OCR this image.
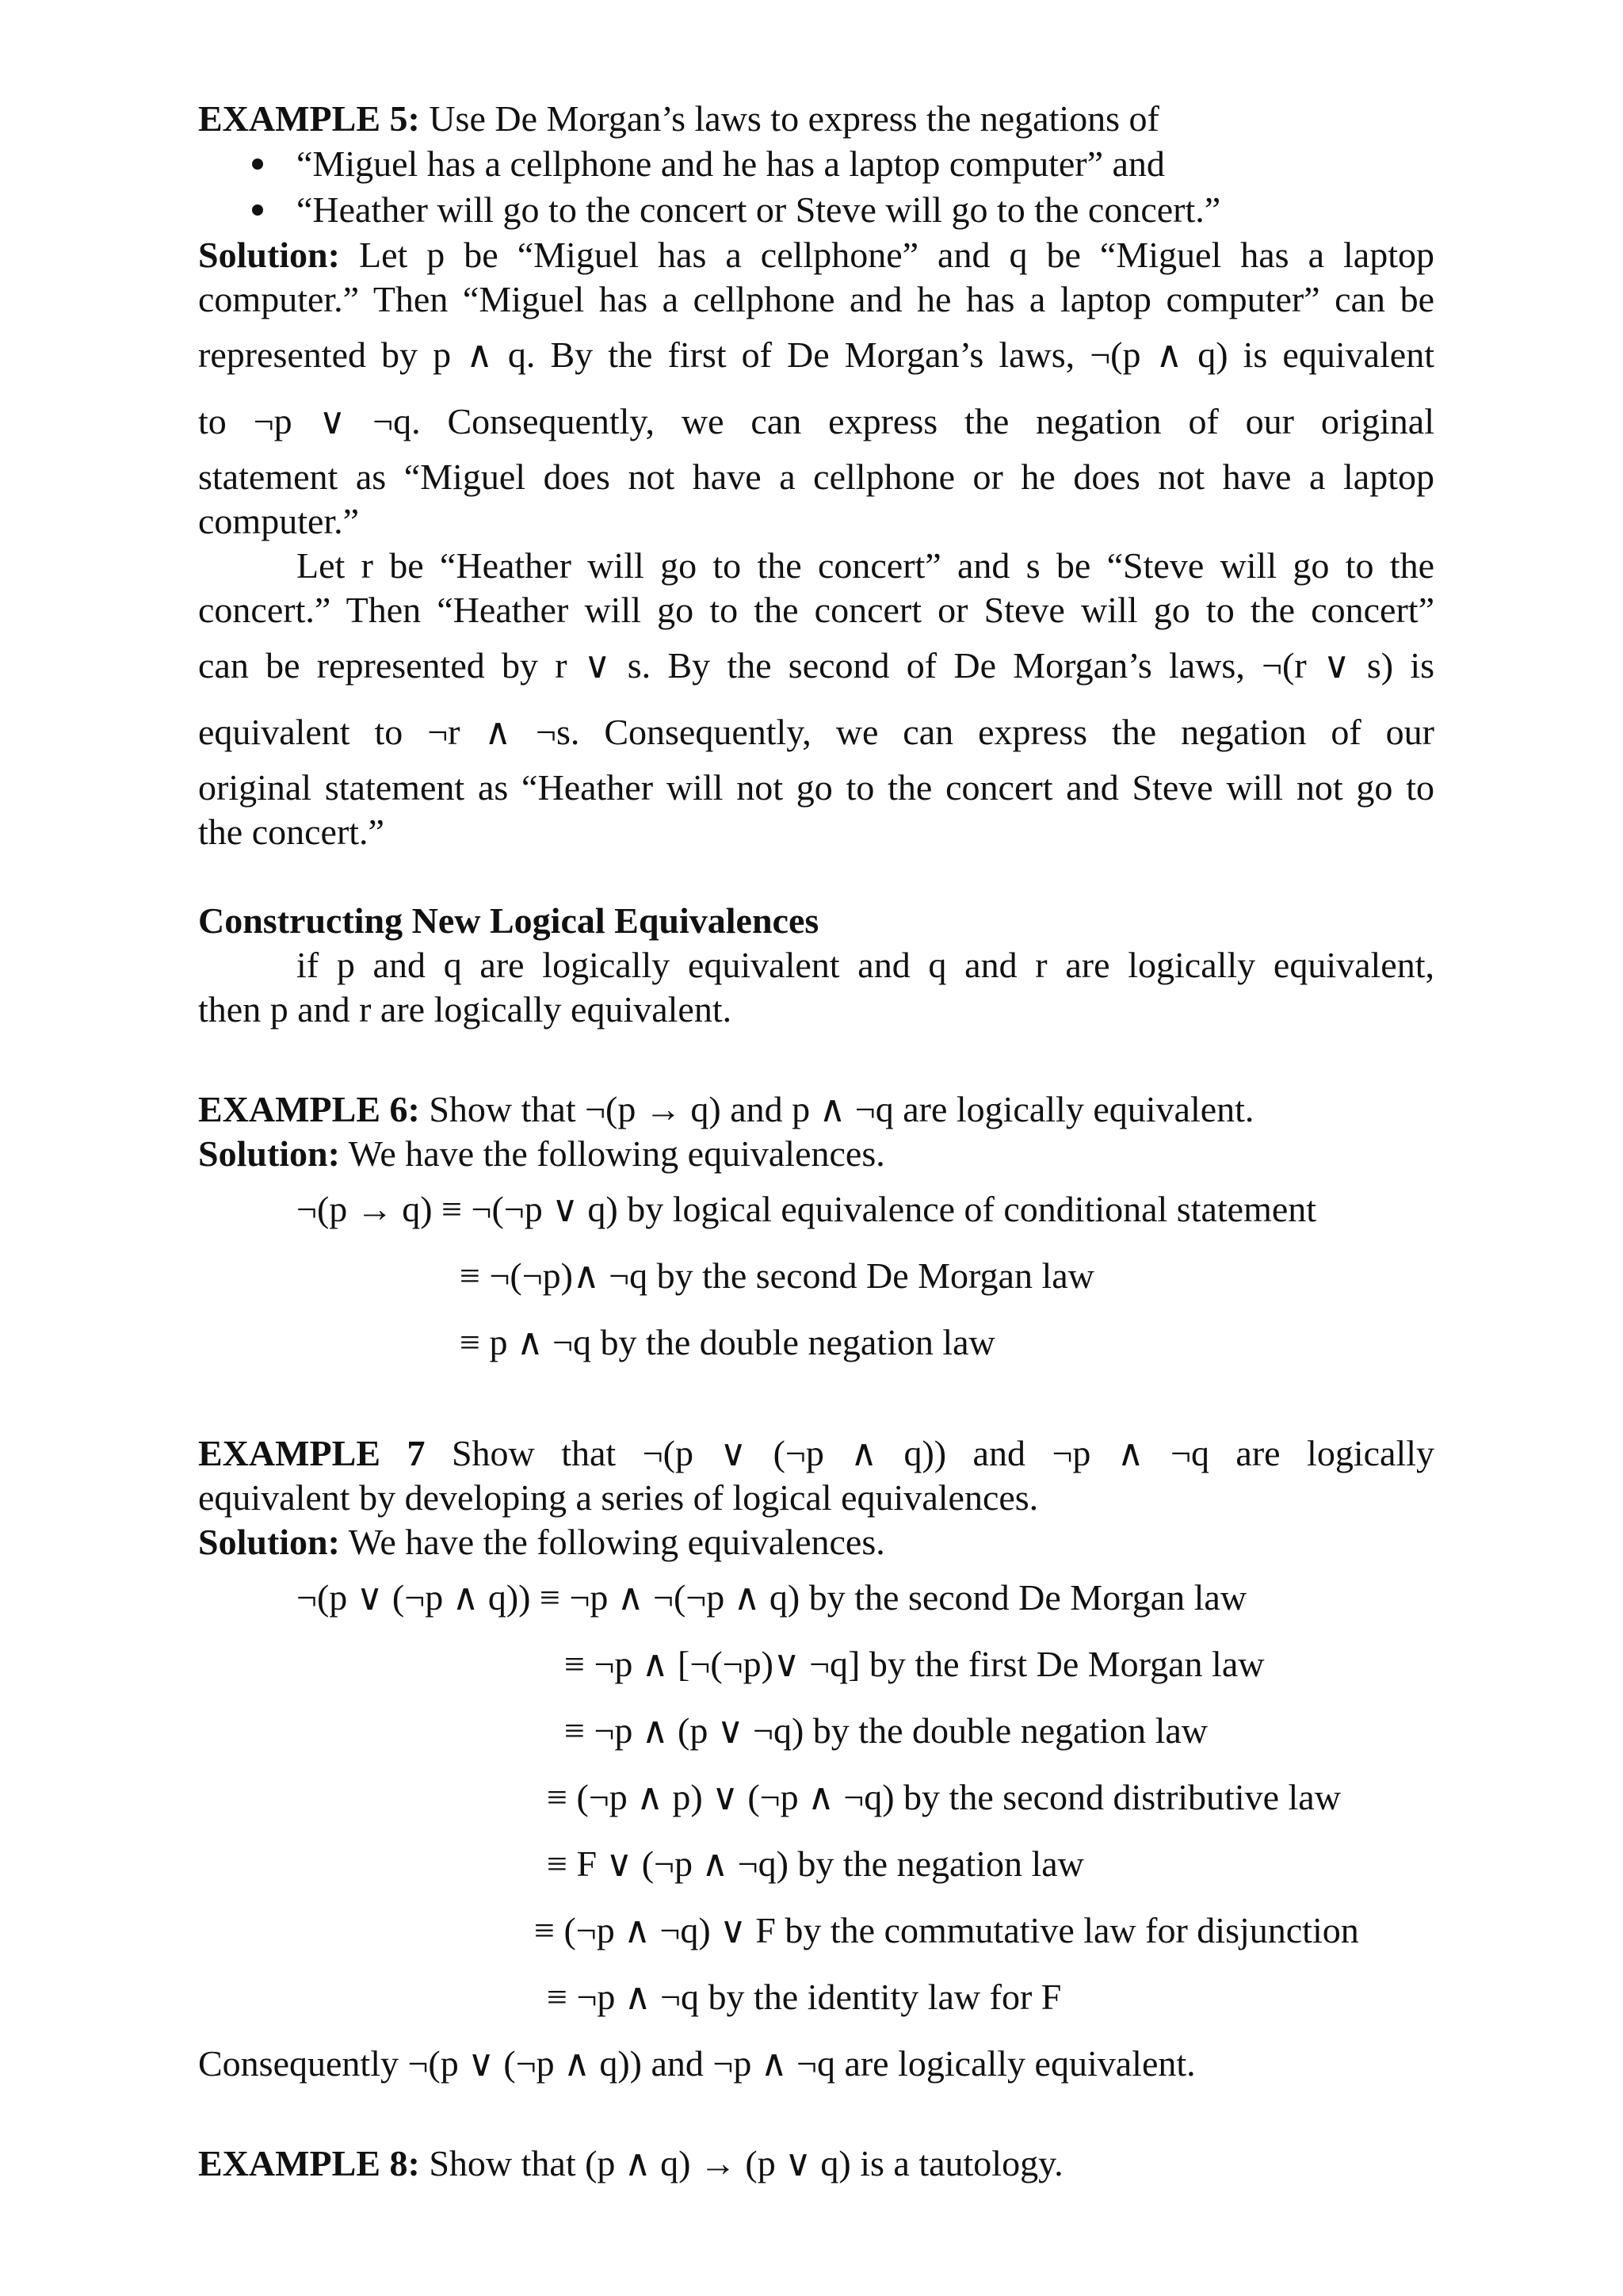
EXAMPLE 5: Use De Morgan’s laws to express the negations of
“Miguel has a cellphone and he has a laptop computer” and
“Heather will go to the concert or Steve will go to the concert.”
Solution: Let p be “Miguel has a cellphone” and q be “Miguel has a laptop
computer.” Then “Miguel has a cellphone and he has a laptop computer” can be
represented by p ∧ q. By the first of De Morgan’s laws, ¬(p ∧ q) is equivalent
to ¬p ∨ ¬q. Consequently, we can express the negation of our original
statement as “Miguel does not have a cellphone or he does not have a laptop
computer.”
Let r be “Heather will go to the concert” and s be “Steve will go to the
concert.” Then “Heather will go to the concert or Steve will go to the concert”
can be represented by r ∨ s. By the second of De Morgan’s laws, ¬(r ∨ s) is
equivalent to ¬r ∧ ¬s. Consequently, we can express the negation of our
original statement as “Heather will not go to the concert and Steve will not go to
the concert.”
Constructing New Logical Equivalences
if p and q are logically equivalent and q and r are logically equivalent,
then p and r are logically equivalent.
EXAMPLE 6: Show that ¬(p → q) and p ∧ ¬q are logically equivalent.
Solution: We have the following equivalences.
¬(p → q) ≡ ¬(¬p ∨ q) by logical equivalence of conditional statement
≡ ¬(¬p)∧ ¬q by the second De Morgan law
≡ p ∧ ¬q by the double negation law
EXAMPLE 7 Show that ¬(p ∨ (¬p ∧ q)) and ¬p ∧ ¬q are logically
equivalent by developing a series of logical equivalences.
Solution: We have the following equivalences.
¬(p ∨ (¬p ∧ q)) ≡ ¬p ∧ ¬(¬p ∧ q) by the second De Morgan law
≡ ¬p ∧ [¬(¬p)∨ ¬q] by the first De Morgan law
≡ ¬p ∧ (p ∨ ¬q) by the double negation law
≡ (¬p ∧ p) ∨ (¬p ∧ ¬q) by the second distributive law
≡ F ∨ (¬p ∧ ¬q) by the negation law
≡ (¬p ∧ ¬q) ∨ F by the commutative law for disjunction
≡ ¬p ∧ ¬q by the identity law for F
Consequently ¬(p ∨ (¬p ∧ q)) and ¬p ∧ ¬q are logically equivalent.
EXAMPLE 8: Show that (p ∧ q) → (p ∨ q) is a tautology.
